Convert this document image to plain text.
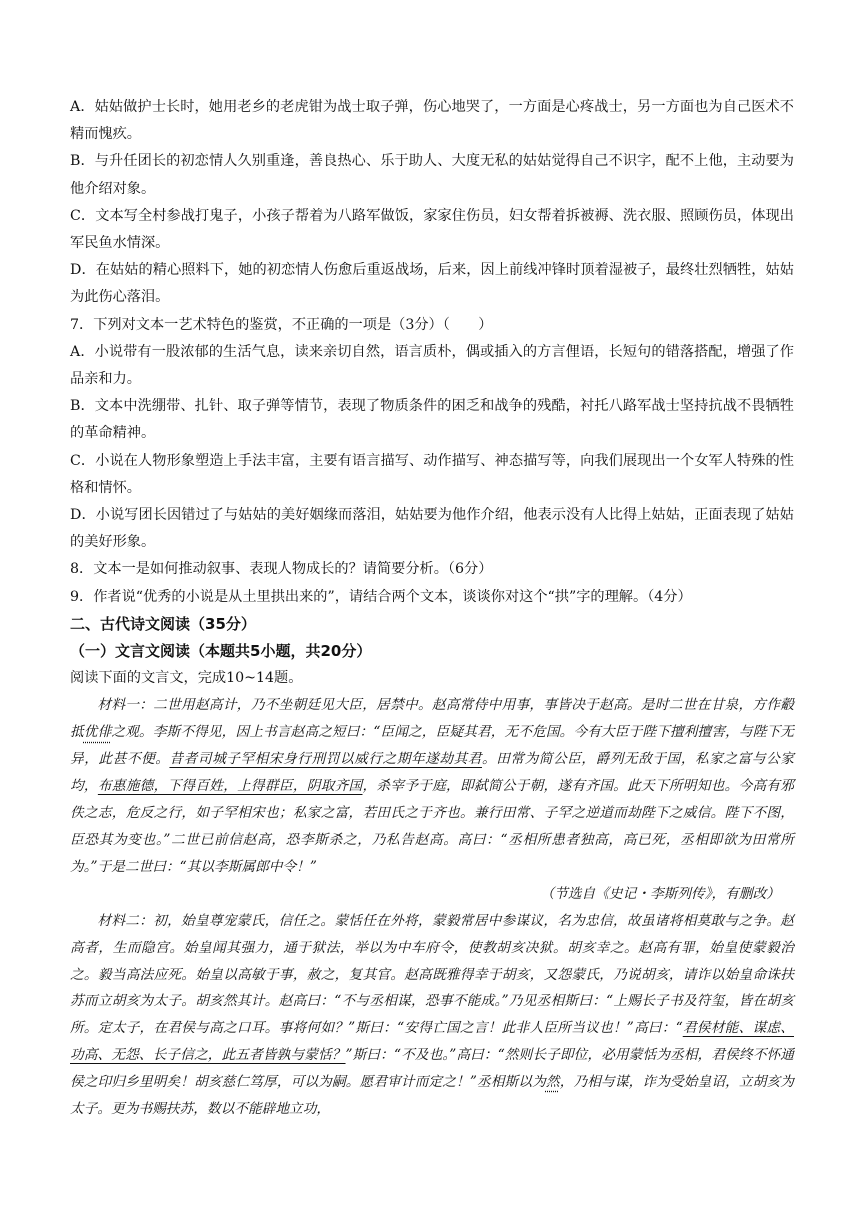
A．姑姑做护士长时，她用老乡的老虎钳为战士取子弹，伤心地哭了，一方面是心疼战士，另一方面也为自己医术不精而愧疚。

B．与升任团长的初恋情人久别重逢，善良热心、乐于助人、大度无私的姑姑觉得自己不识字，配不上他，主动要为他介绍对象。

C．文本写全村参战打鬼子，小孩子帮着为八路军做饭，家家住伤员，妇女帮着拆被褥、洗衣服、照顾伤员，体现出军民鱼水情深。

D．在姑姑的精心照料下，她的初恋情人伤愈后重返战场，后来，因上前线冲锋时顶着湿被子，最终壮烈牺牲，姑姑为此伤心落泪。

7．下列对文本一艺术特色的鉴赏，不正确的一项是（3分）（　　）

A．小说带有一股浓郁的生活气息，读来亲切自然，语言质朴，偶或插入的方言俚语，长短句的错落搭配，增强了作品亲和力。

B．文本中洗绷带、扎针、取子弹等情节，表现了物质条件的困乏和战争的残酷，衬托八路军战士坚持抗战不畏牺牲的革命精神。

C．小说在人物形象塑造上手法丰富，主要有语言描写、动作描写、神态描写等，向我们展现出一个女军人特殊的性格和情怀。

D．小说写团长因错过了与姑姑的美好姻缘而落泪，姑姑要为他作介绍，他表示没有人比得上姑姑，正面表现了姑姑的美好形象。

8．文本一是如何推动叙事、表现人物成长的？请简要分析。（6分）

9．作者说“优秀的小说是从土里拱出来的”，请结合两个文本，谈谈你对这个“拱”字的理解。（4分）

二、古代诗文阅读（35分）

（一）文言文阅读（本题共5小题，共20分）

阅读下面的文言文，完成10~14题。

材料一：二世用赵高计，乃不坐朝廷见大臣，居禁中。赵高常侍中用事，事皆决于赵高。是时二世在甘泉，方作觳抵优俳之观。李斯不得见，因上书言赵高之短曰：“臣闻之，臣疑其君，无不危国。今有大臣于陛下擅利擅害，与陛下无异，此甚不便。昔者司城子罕相宋身行刑罚以威行之期年遂劫其君。田常为简公臣，爵列无敌于国，私家之富与公家均，布惠施德，下得百姓，上得群臣，阴取齐国，杀宰予于庭，即弑简公于朝，遂有齐国。此天下所明知也。今高有邪佚之志，危反之行，如子罕相宋也；私家之富，若田氏之于齐也。兼行田常、子罕之逆道而劫陛下之威信。陛下不图，臣恐其为变也。”二世已前信赵高，恐李斯杀之，乃私告赵高。高曰：“丞相所患者独高，高已死，丞相即欲为田常所为。”于是二世曰：“其以李斯属郎中令！”

（节选自《史记・李斯列传》，有删改）

材料二：初，始皇尊宠蒙氏，信任之。蒙恬任在外将，蒙毅常居中参谋议，名为忠信，故虽诸将相莫敢与之争。赵高者，生而隐宫。始皇闻其强力，通于狱法，举以为中车府令，使教胡亥决狱。胡亥幸之。赵高有罪，始皇使蒙毅治之。毅当高法应死。始皇以高敏于事，赦之，复其官。赵高既雅得幸于胡亥，又怨蒙氏，乃说胡亥，请诈以始皇命诛扶苏而立胡亥为太子。胡亥然其计。赵高曰：“不与丞相谋，恐事不能成。”乃见丞相斯曰：“上赐长子书及符玺，皆在胡亥所。定太子，在君侯与高之口耳。事将何如？”斯曰：“安得亡国之言！此非人臣所当议也！”高曰：“君侯材能、谋虑、功高、无怨、长子信之，此五者皆孰与蒙恬？”斯曰：“不及也。”高曰：“然则长子即位，必用蒙恬为丞相，君侯终不怀通侯之印归乡里明矣！胡亥慈仁笃厚，可以为嗣。愿君审计而定之！”丞相斯以为然，乃相与谋，诈为受始皇诏，立胡亥为太子。更为书赐扶苏，数以不能辟地立功，
